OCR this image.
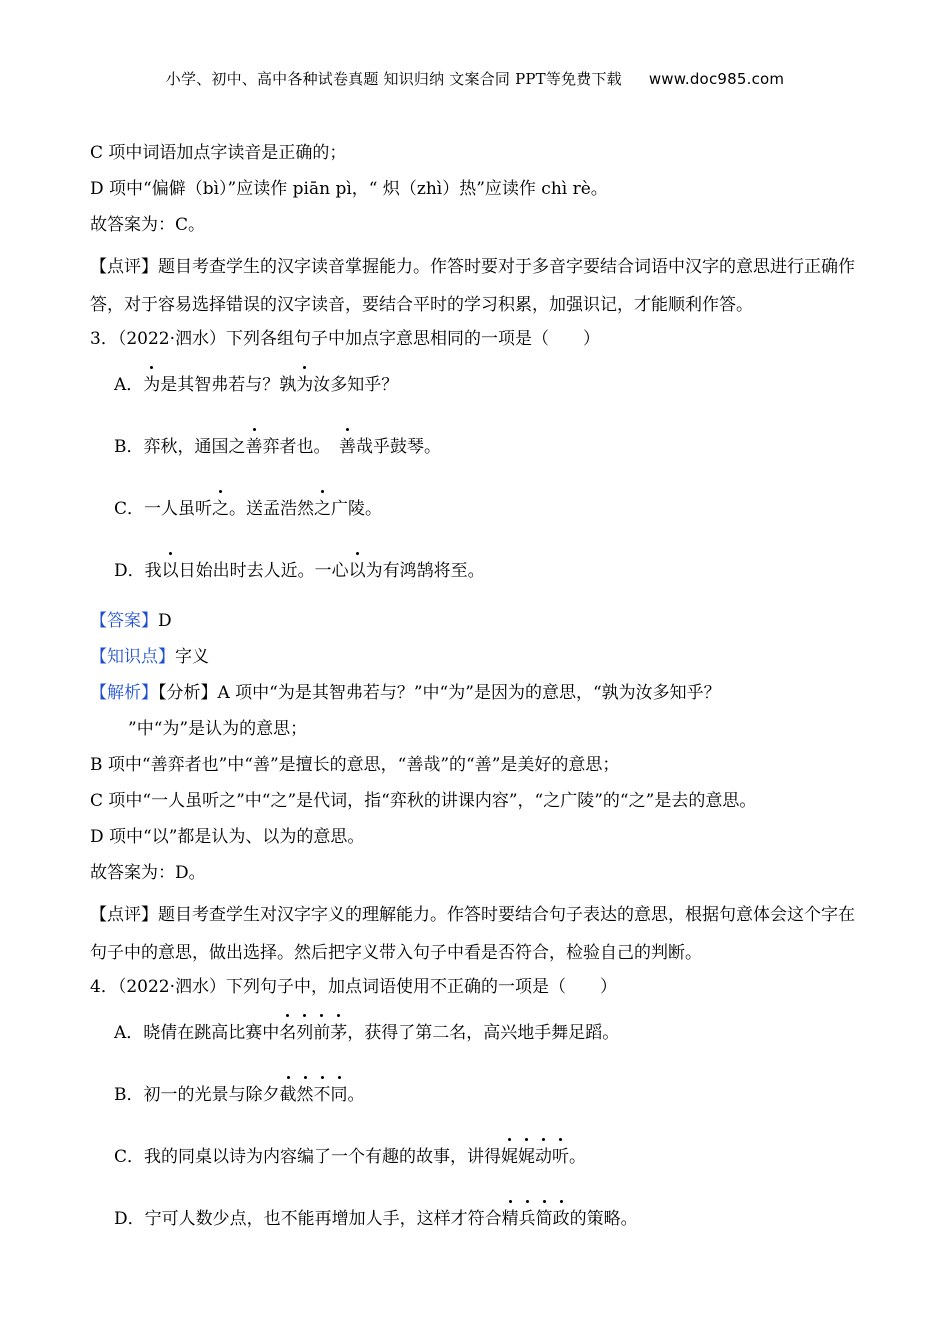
小学、初中、高中各种试卷真题 知识归纳 文案合同 PPT等免费下载 www.doc985.com
C 项中词语加点字读音是正确的；
D 项中“偏僻（bì）”应读作 piān pì，“ 炽（zhì）热”应读作 chì rè。
故答案为：C。
【点评】题目考查学生的汉字读音掌握能力。作答时要对于多音字要结合词语中汉字的意思进行正确作答，对于容易选择错误的汉字读音，要结合平时的学习积累，加强识记，才能顺利作答。
3．（2022·泗水）下列各组句子中加点字意思相同的一项是（　　）
A．为是其智弗若与？孰为汝多知乎？
B．弈秋，通国之善弈者也。　善哉乎鼓琴。
C．一人虽听之。送孟浩然之广陵。
D．我以日始出时去人近。一心以为有鸿鹄将至。
【答案】D
【知识点】字义
【解析】【分析】A 项中“为是其智弗若与？”中“为”是因为的意思，“孰为汝多知乎？
”中“为”是认为的意思；
B 项中“善弈者也”中“善”是擅长的意思，“善哉”的“善”是美好的意思；
C 项中“一人虽听之”中“之”是代词，指“弈秋的讲课内容”，“之广陵”的“之”是去的意思。
D 项中“以”都是认为、以为的意思。
故答案为：D。
【点评】题目考查学生对汉字字义的理解能力。作答时要结合句子表达的意思，根据句意体会这个字在句子中的意思，做出选择。然后把字义带入句子中看是否符合，检验自己的判断。
4．（2022·泗水）下列句子中，加点词语使用不正确的一项是（　　）
A．晓倩在跳高比赛中名列前茅，获得了第二名，高兴地手舞足蹈。
B．初一的光景与除夕截然不同。
C．我的同桌以诗为内容编了一个有趣的故事，讲得娓娓动听。
D．宁可人数少点，也不能再增加人手，这样才符合精兵简政的策略。
